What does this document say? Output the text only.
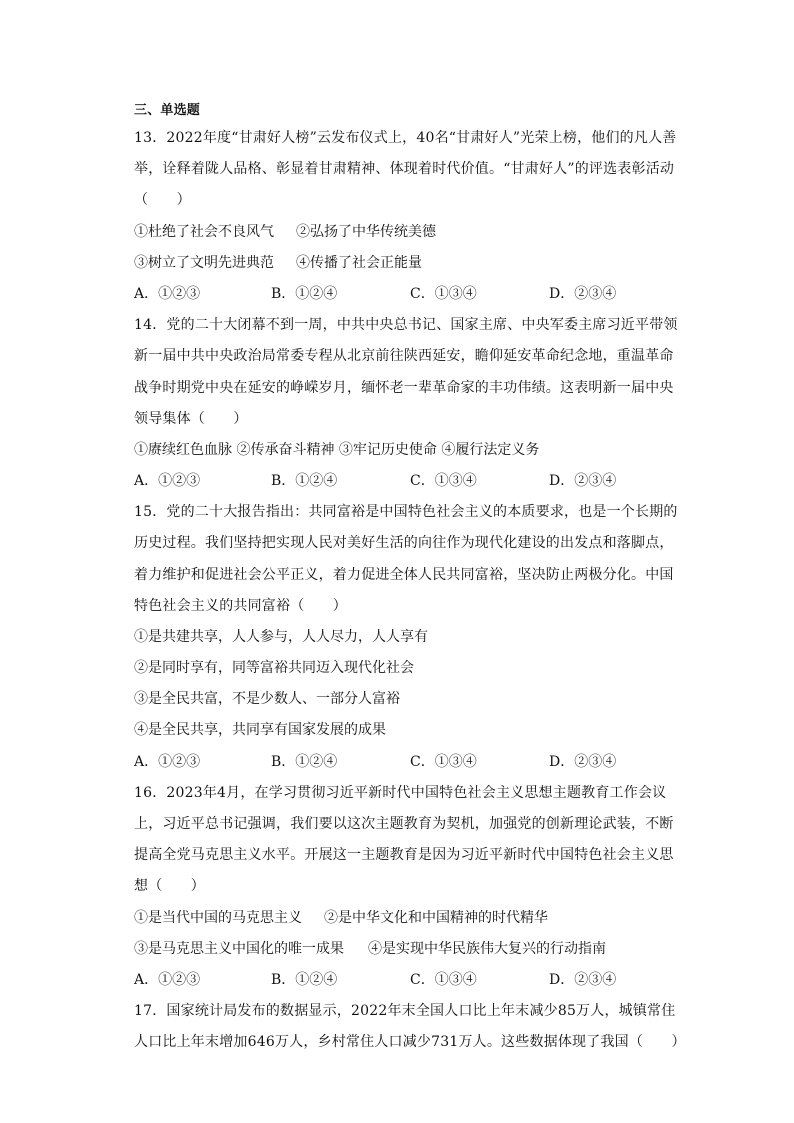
三、单选题
13．2022年度“甘肃好人榜”云发布仪式上，40名“甘肃好人”光荣上榜，他们的凡人善
举，诠释着陇人品格、彰显着甘肃精神、体现着时代价值。“甘肃好人”的评选表彰活动
（　　）
①杜绝了社会不良风气 ②弘扬了中华传统美德
③树立了文明先进典范 ④传播了社会正能量
A．①②③	B．①②④	C．①③④	D．②③④
14．党的二十大闭幕不到一周，中共中央总书记、国家主席、中央军委主席习近平带领
新一届中共中央政治局常委专程从北京前往陕西延安，瞻仰延安革命纪念地，重温革命
战争时期党中央在延安的峥嵘岁月，缅怀老一辈革命家的丰功伟绩。这表明新一届中央
领导集体（　　）
①赓续红色血脉 ②传承奋斗精神 ③牢记历史使命 ④履行法定义务
A．①②③	B．①②④	C．①③④	D．②③④
15．党的二十大报告指出：共同富裕是中国特色社会主义的本质要求，也是一个长期的
历史过程。我们坚持把实现人民对美好生活的向往作为现代化建设的出发点和落脚点，
着力维护和促进社会公平正义，着力促进全体人民共同富裕，坚决防止两极分化。中国
特色社会主义的共同富裕（　　）
①是共建共享，人人参与，人人尽力，人人享有
②是同时享有，同等富裕共同迈入现代化社会
③是全民共富，不是少数人、一部分人富裕
④是全民共享，共同享有国家发展的成果
A．①②③	B．①②④	C．①③④	D．②③④
16．2023年4月，在学习贯彻习近平新时代中国特色社会主义思想主题教育工作会议
上，习近平总书记强调，我们要以这次主题教育为契机，加强党的创新理论武装，不断
提高全党马克思主义水平。开展这一主题教育是因为习近平新时代中国特色社会主义思
想（　　）
①是当代中国的马克思主义 ②是中华文化和中国精神的时代精华
③是马克思主义中国化的唯一成果 ④是实现中华民族伟大复兴的行动指南
A．①②③	B．①②④	C．①③④	D．②③④
17．国家统计局发布的数据显示，2022年末全国人口比上年末减少85万人，城镇常住
人口比上年末增加646万人，乡村常住人口减少731万人。这些数据体现了我国（　　）
